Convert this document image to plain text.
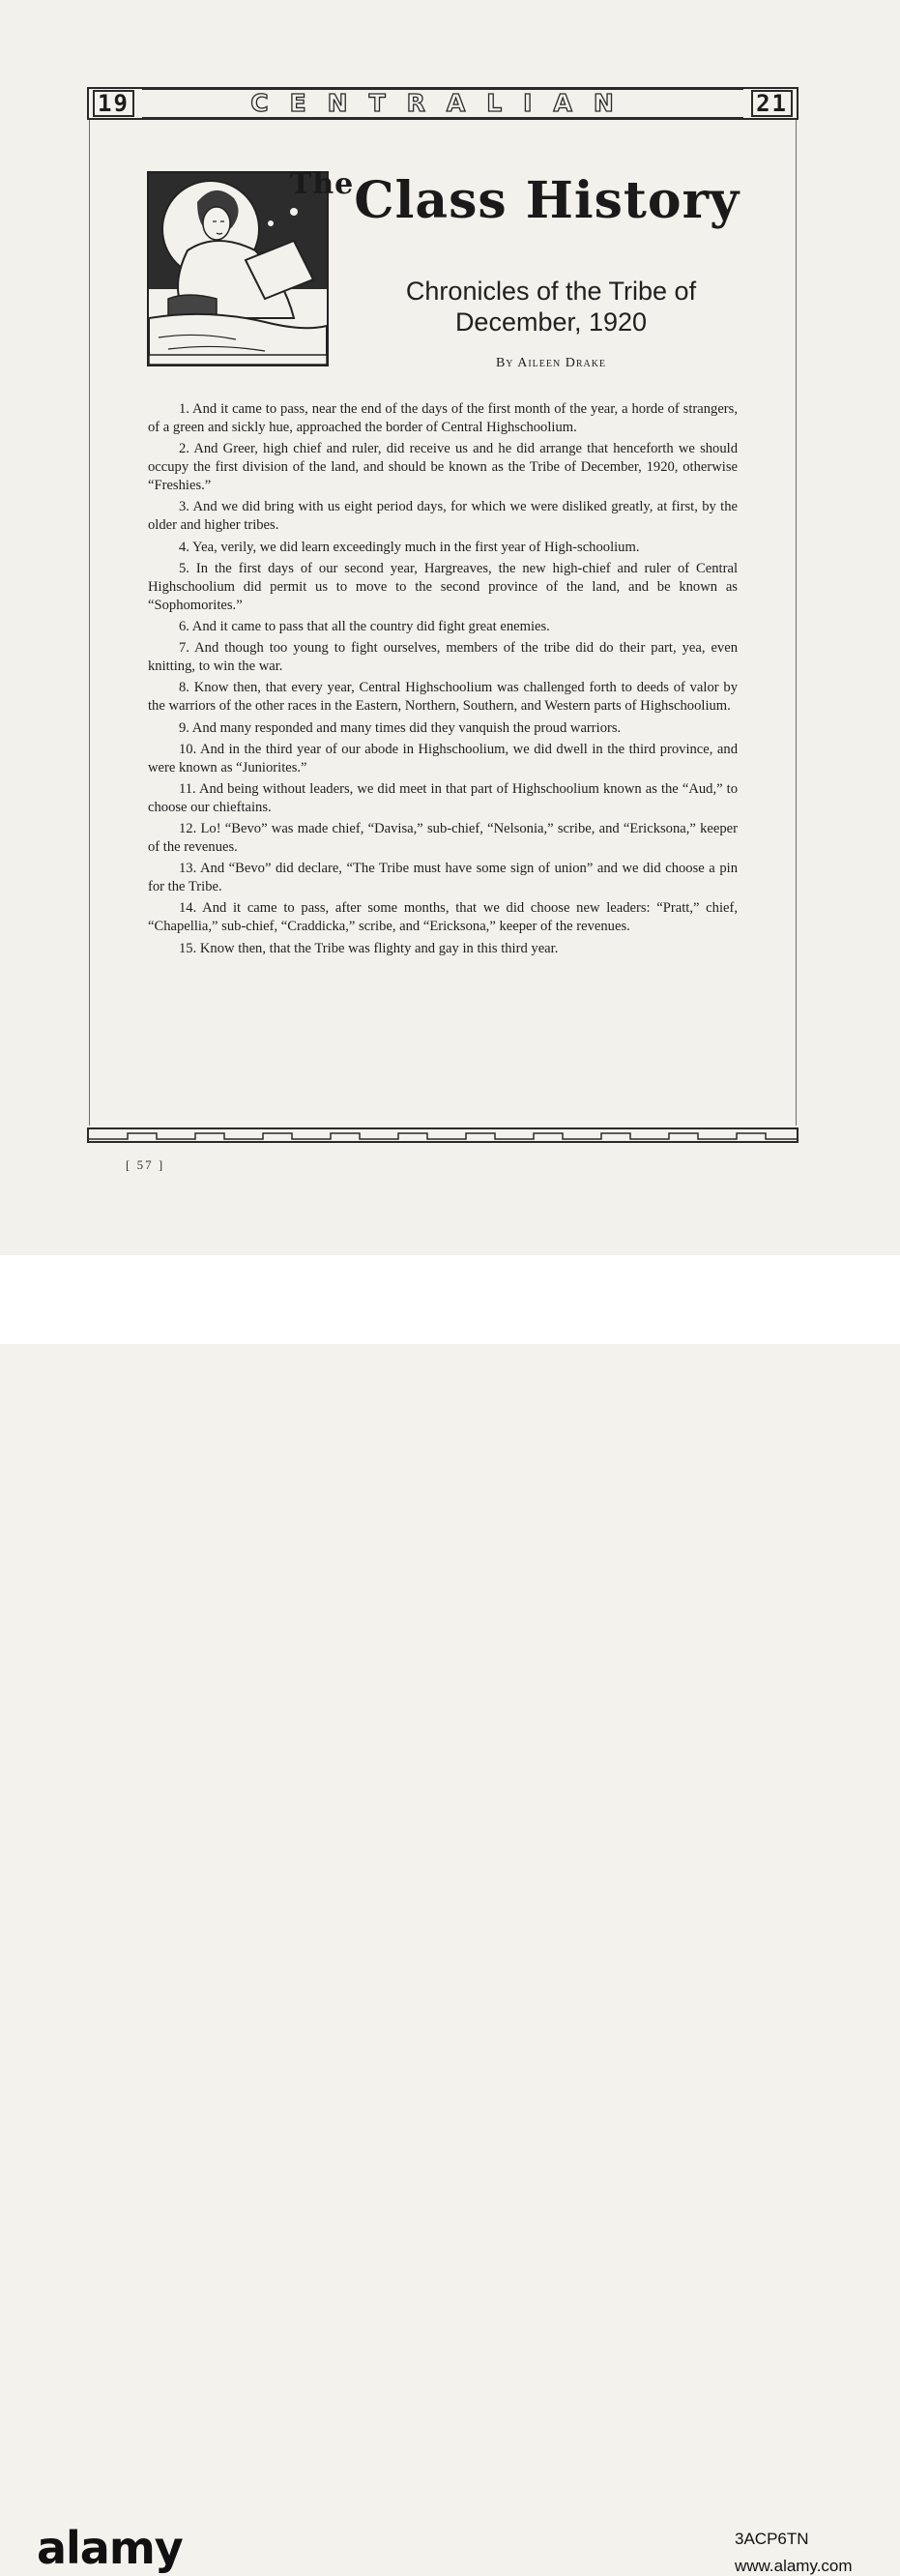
19	CENTRALIAN	21
$^{The}$Class History
Chronicles of the Tribe of
December, 1920
By Aileen Drake

1. And it came to pass, near the end of the days of the first month of the year, a horde of strangers, of a green and sickly hue, approached the border of Central Highschoolium.

2. And Greer, high chief and ruler, did receive us and he did arrange that henceforth we should occupy the first division of the land, and should be known as the Tribe of December, 1920, otherwise “Freshies.”

3. And we did bring with us eight period days, for which we were disliked greatly, at first, by the older and higher tribes.

4. Yea, verily, we did learn exceedingly much in the first year of High-schoolium.

5. In the first days of our second year, Hargreaves, the new high-chief and ruler of Central Highschoolium did permit us to move to the second province of the land, and be known as “Sophomorites.”

6. And it came to pass that all the country did fight great enemies.

7. And though too young to fight ourselves, members of the tribe did do their part, yea, even knitting, to win the war.

8. Know then, that every year, Central Highschoolium was challenged forth to deeds of valor by the warriors of the other races in the Eastern, Northern, Southern, and Western parts of Highschoolium.

9. And many responded and many times did they vanquish the proud warriors.

10. And in the third year of our abode in Highschoolium, we did dwell in the third province, and were known as “Juniorites.”

11. And being without leaders, we did meet in that part of Highschoolium known as the “Aud,” to choose our chieftains.

12. Lo! “Bevo” was made chief, “Davisa,” sub-chief, “Nelsonia,” scribe, and “Ericksona,” keeper of the revenues.

13. And “Bevo” did declare, “The Tribe must have some sign of union” and we did choose a pin for the Tribe.

14. And it came to pass, after some months, that we did choose new leaders: “Pratt,” chief, “Chapellia,” sub-chief, “Craddicka,” scribe, and “Ericksona,” keeper of the revenues.

15. Know then, that the Tribe was flighty and gay in this third year.

[ 57 ]
alamy	3ACP6TN
www.alamy.com
